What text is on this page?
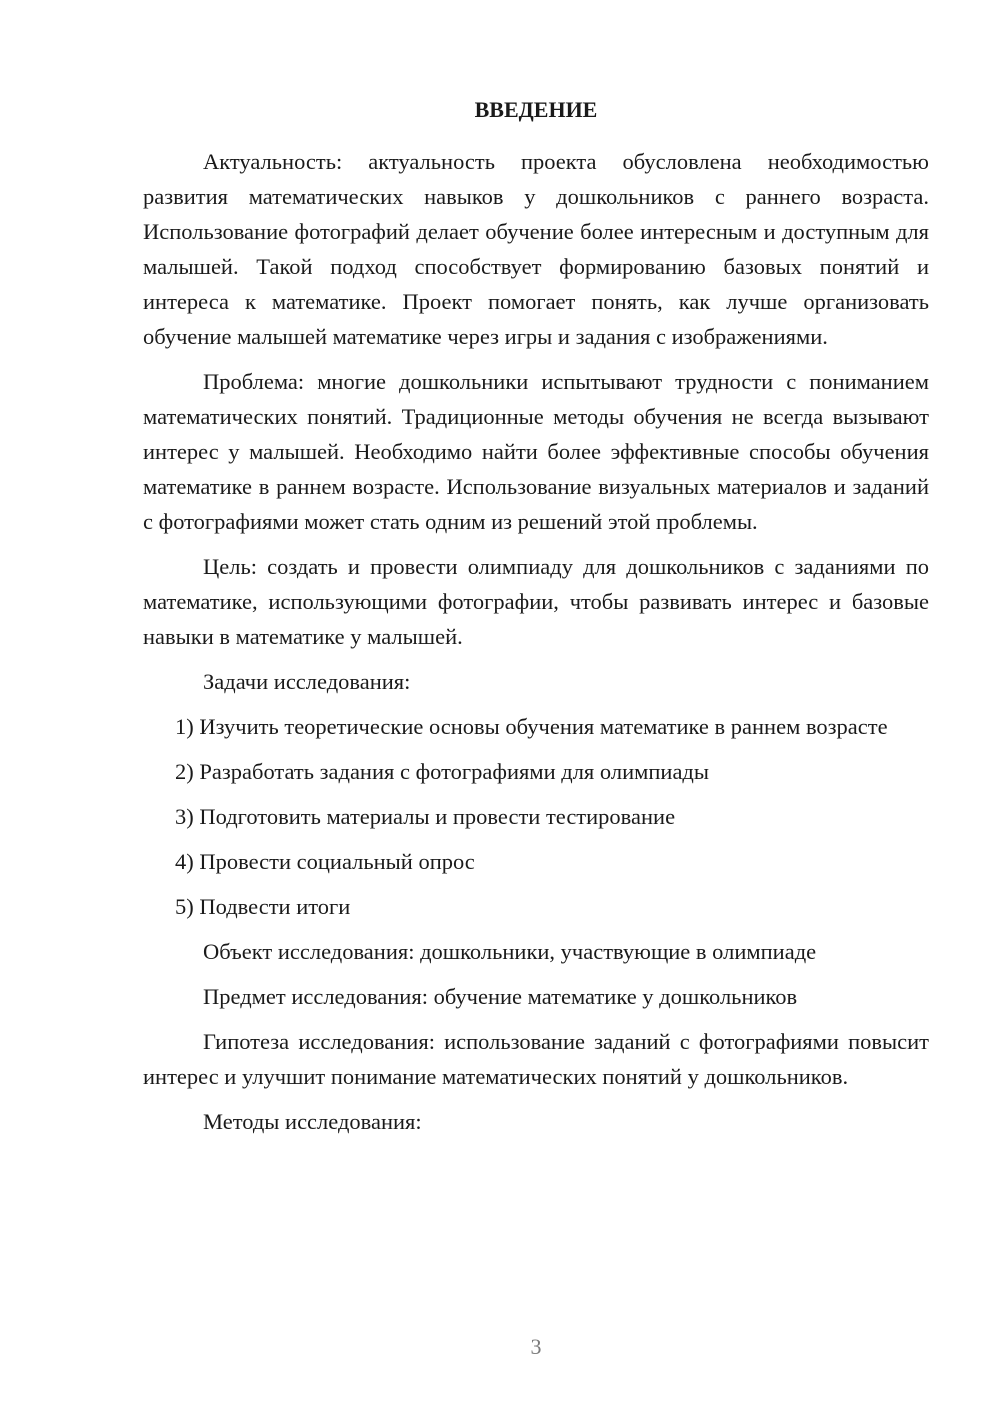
ВВЕДЕНИЕ

Актуальность: актуальность проекта обусловлена необходимостью развития математических навыков у дошкольников с раннего возраста. Использование фотографий делает обучение более интересным и доступным для малышей. Такой подход способствует формированию базовых понятий и интереса к математике. Проект помогает понять, как лучше организовать обучение малышей математике через игры и задания с изображениями.

Проблема: многие дошкольники испытывают трудности с пониманием математических понятий. Традиционные методы обучения не всегда вызывают интерес у малышей. Необходимо найти более эффективные способы обучения математике в раннем возрасте. Использование визуальных материалов и заданий с фотографиями может стать одним из решений этой проблемы.

Цель: создать и провести олимпиаду для дошкольников с заданиями по математике, использующими фотографии, чтобы развивать интерес и базовые навыки в математике у малышей.

Задачи исследования:

1) Изучить теоретические основы обучения математике в раннем возрасте

2) Разработать задания с фотографиями для олимпиады

3) Подготовить материалы и провести тестирование

4) Провести социальный опрос

5) Подвести итоги

Объект исследования: дошкольники, участвующие в олимпиаде

Предмет исследования: обучение математике у дошкольников

Гипотеза исследования: использование заданий с фотографиями повысит интерес и улучшит понимание математических понятий у дошкольников.

Методы исследования:

3
